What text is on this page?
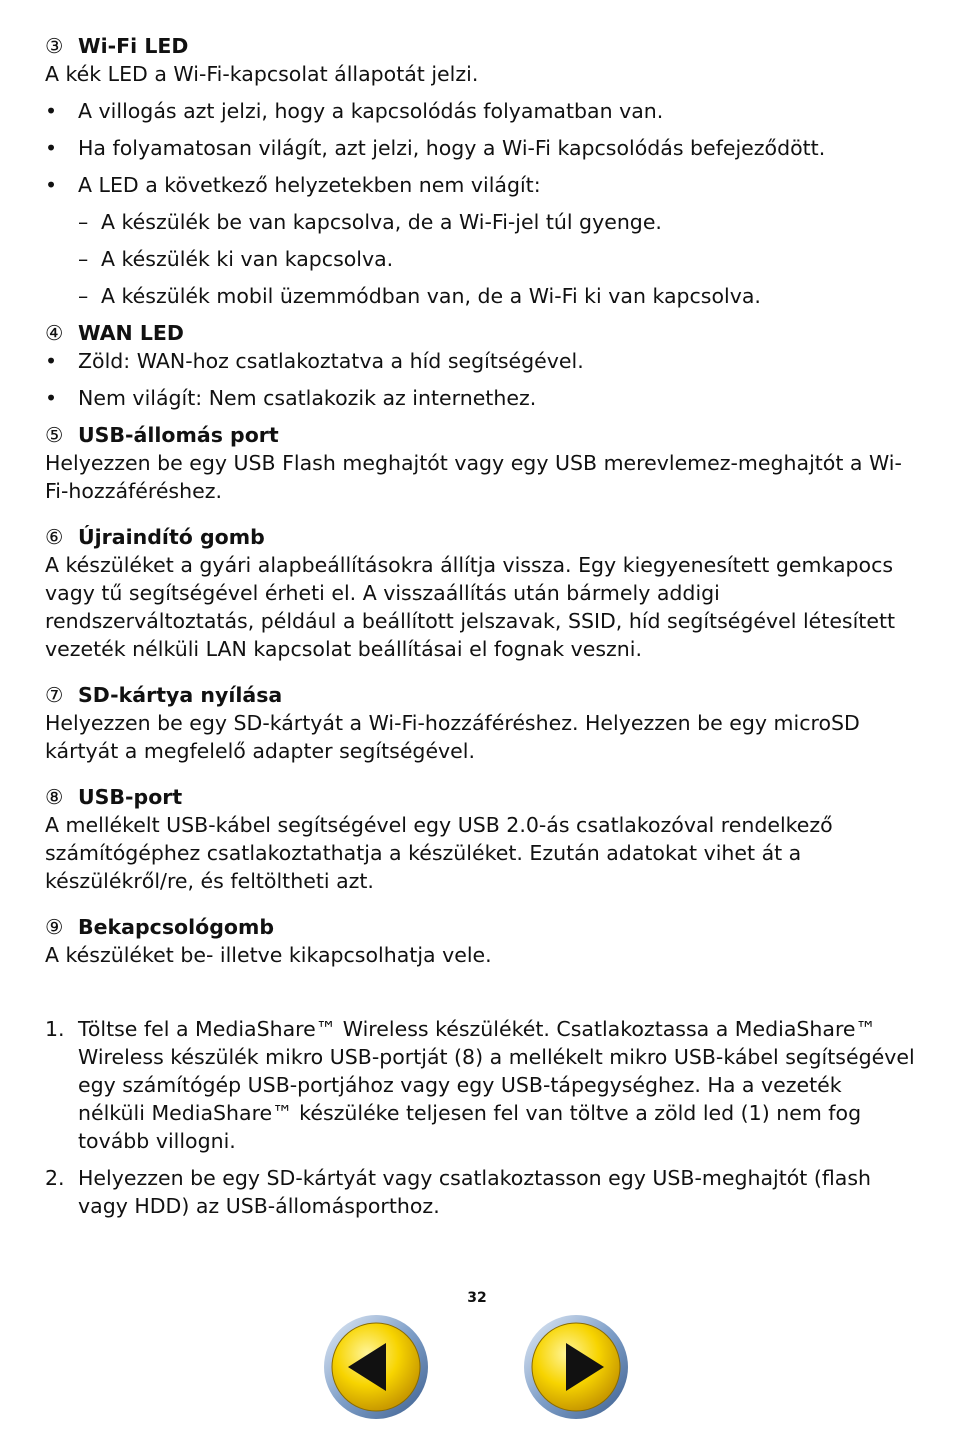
③ Wi-Fi LED

A kék LED a Wi-Fi-kapcsolat állapotát jelzi.

• A villogás azt jelzi, hogy a kapcsolódás folyamatban van.
• Ha folyamatosan világít, azt jelzi, hogy a Wi-Fi kapcsolódás befejeződött.
• A LED a következő helyzetekben nem világít:
– A készülék be van kapcsolva, de a Wi-Fi-jel túl gyenge.
– A készülék ki van kapcsolva.
– A készülék mobil üzemmódban van, de a Wi-Fi ki van kapcsolva.
④ WAN LED
• Zöld: WAN-hoz csatlakoztatva a híd segítségével.
• Nem világít: Nem csatlakozik az internethez.
⑤ USB-állomás port

Helyezzen be egy USB Flash meghajtót vagy egy USB merevlemez-meghajtót a Wi-Fi-hozzáféréshez.

⑥ Újraindító gomb

A készüléket a gyári alapbeállításokra állítja vissza. Egy kiegyenesített gemkapocs vagy tű segítségével érheti el. A visszaállítás után bármely addigi rendszerváltoztatás, például a beállított jelszavak, SSID, híd segítségével létesített vezeték nélküli LAN kapcsolat beállításai el fognak veszni.

⑦ SD-kártya nyílása

Helyezzen be egy SD-kártyát a Wi-Fi-hozzáféréshez. Helyezzen be egy microSD kártyát a megfelelő adapter segítségével.

⑧ USB-port

A mellékelt USB-kábel segítségével egy USB 2.0-ás csatlakozóval rendelkező számítógéphez csatlakoztathatja a készüléket. Ezután adatokat vihet át a készülékről/re, és feltöltheti azt.

⑨ Bekapcsológomb

A készüléket be- illetve kikapcsolhatja vele.

1. Töltse fel a MediaShare™ Wireless készülékét. Csatlakoztassa a MediaShare™ Wireless készülék mikro USB-portját (8) a mellékelt mikro USB-kábel segítségével egy számítógép USB-portjához vagy egy USB-tápegységhez. Ha a vezeték nélküli MediaShare™ készüléke teljesen fel van töltve a zöld led (1) nem fog tovább villogni.
2. Helyezzen be egy SD-kártyát vagy csatlakoztasson egy USB-meghajtót (flash vagy HDD) az USB-állomásporthoz.
32
